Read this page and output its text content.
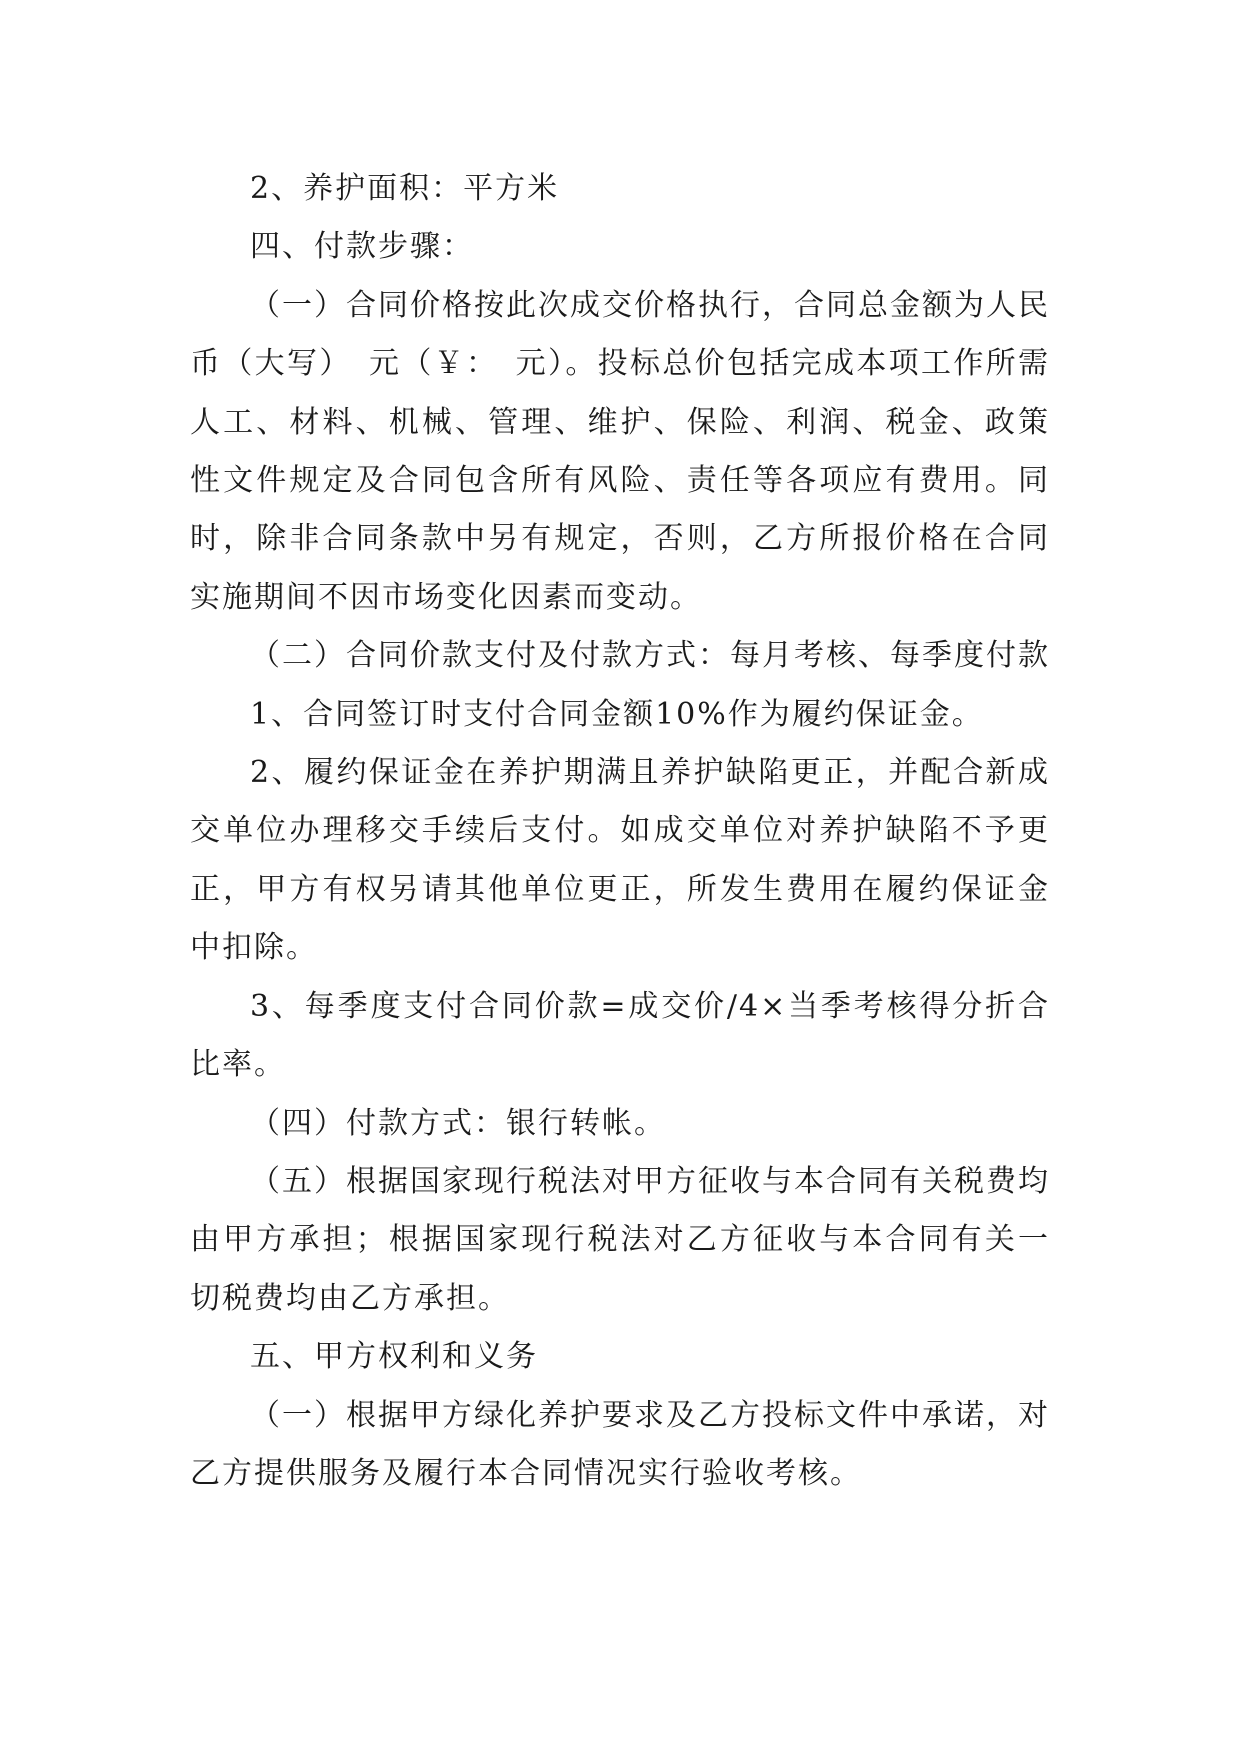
2、养护面积：平方米

四、付款步骤：

（一）合同价格按此次成交价格执行，合同总金额为人民币（大写）　元（￥：　元）。投标总价包括完成本项工作所需人工、材料、机械、管理、维护、保险、利润、税金、政策性文件规定及合同包含所有风险、责任等各项应有费用。同时，除非合同条款中另有规定，否则，乙方所报价格在合同实施期间不因市场变化因素而变动。

（二）合同价款支付及付款方式：每月考核、每季度付款

1、合同签订时支付合同金额10%作为履约保证金。

2、履约保证金在养护期满且养护缺陷更正，并配合新成交单位办理移交手续后支付。如成交单位对养护缺陷不予更正，甲方有权另请其他单位更正，所发生费用在履约保证金中扣除。

3、每季度支付合同价款=成交价/4×当季考核得分折合比率。

（四）付款方式：银行转帐。

（五）根据国家现行税法对甲方征收与本合同有关税费均由甲方承担；根据国家现行税法对乙方征收与本合同有关一切税费均由乙方承担。

五、甲方权利和义务

（一）根据甲方绿化养护要求及乙方投标文件中承诺，对乙方提供服务及履行本合同情况实行验收考核。
